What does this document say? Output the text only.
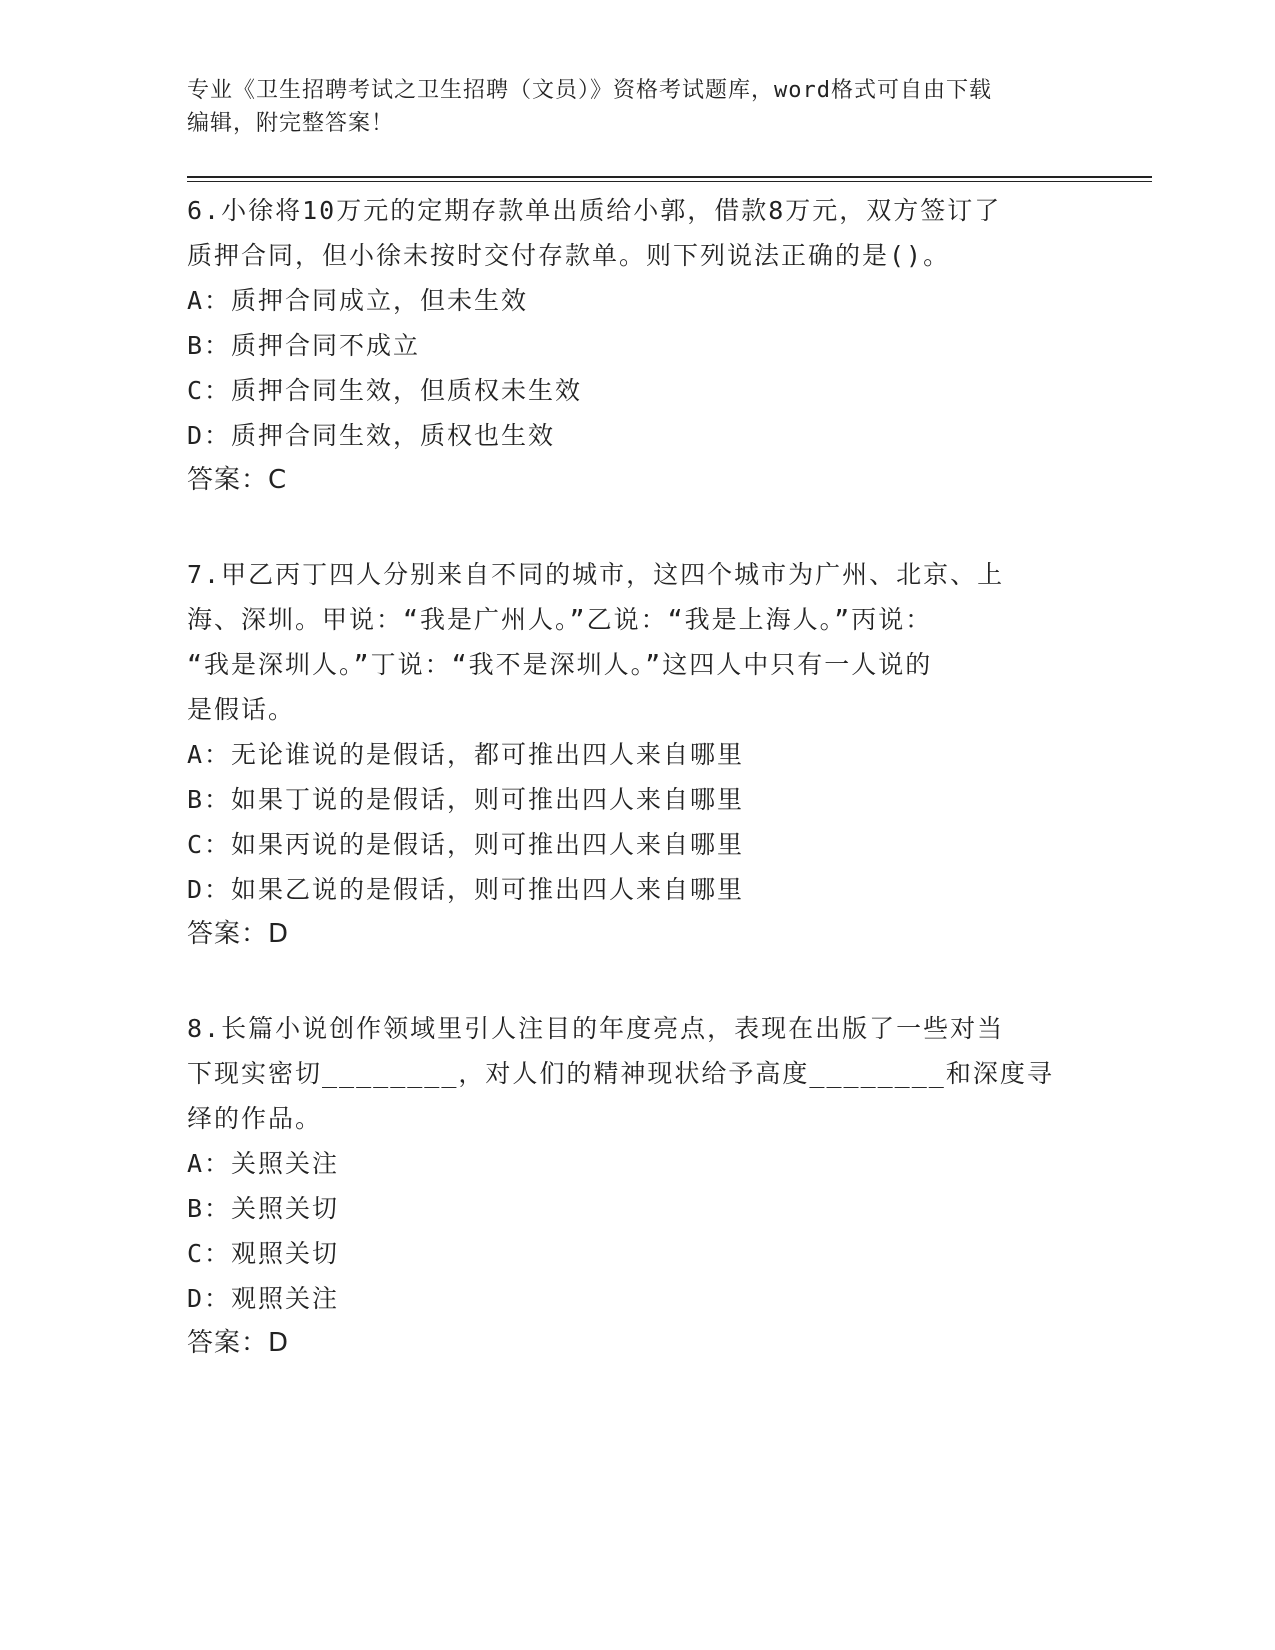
专业《卫生招聘考试之卫生招聘（文员）》资格考试题库，word格式可自由下载
编辑，附完整答案！

6.小徐将10万元的定期存款单出质给小郭，借款8万元，双方签订了

质押合同，但小徐未按时交付存款单。则下列说法正确的是()。

A：质押合同成立，但未生效

B：质押合同不成立

C：质押合同生效，但质权未生效

D：质押合同生效，质权也生效

答案：C

7.甲乙丙丁四人分别来自不同的城市，这四个城市为广州、北京、上

海、深圳。甲说：“我是广州人。”乙说：“我是上海人。”丙说：

“我是深圳人。”丁说：“我不是深圳人。”这四人中只有一人说的

是假话。

A：无论谁说的是假话，都可推出四人来自哪里

B：如果丁说的是假话，则可推出四人来自哪里

C：如果丙说的是假话，则可推出四人来自哪里

D：如果乙说的是假话，则可推出四人来自哪里

答案：D

8.长篇小说创作领域里引人注目的年度亮点，表现在出版了一些对当

下现实密切________，对人们的精神现状给予高度________和深度寻

绎的作品。

A：关照关注

B：关照关切

C：观照关切

D：观照关注

答案：D
